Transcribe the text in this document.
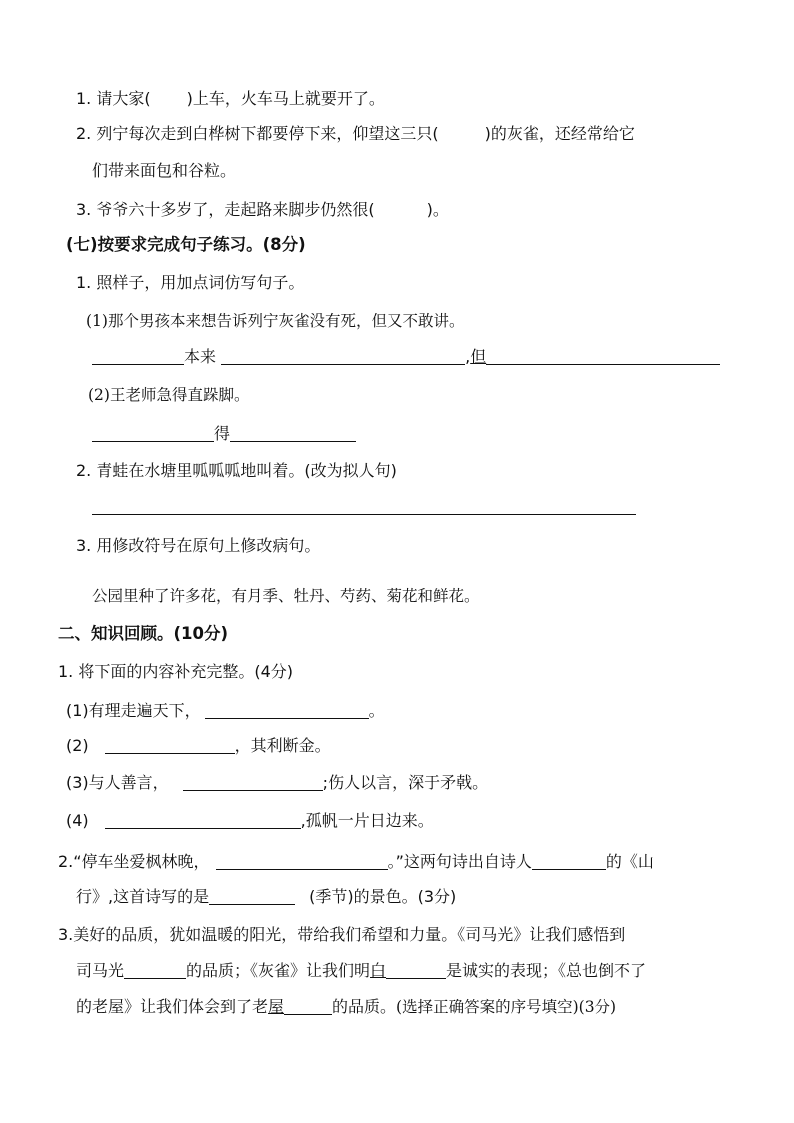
1. 请大家( )上车，火车马上就要开了。
2. 列宁每次走到白桦树下都要停下来，仰望这三只(	)的灰雀，还经常给它
们带来面包和谷粒。
3. 爷爷六十多岁了，走起路来脚步仍然很(	)。
(七)按要求完成句子练习。(8分)
1. 照样子，用加点词仿写句子。
(1)那个男孩本来想告诉列宁灰雀没有死，但又不敢讲。
本来	,但
(2)王老师急得直跺脚。
得
2. 青蛙在水塘里呱呱呱地叫着。(改为拟人句)
3. 用修改符号在原句上修改病句。
公园里种了许多花，有月季、牡丹、芍药、菊花和鲜花。
二、知识回顾。(10分)
1. 将下面的内容补充完整。(4分)
(1)有理走遍天下，	。
(2)	，其利断金。
(3)与人善言，	;伤人以言，深于矛戟。
(4)	,孤帆一片日边来。
2.“停车坐爱枫林晚，	。”这两句诗出自诗人	的《山
行》,这首诗写的是	(季节)的景色。(3分)
3.美好的品质，犹如温暖的阳光，带给我们希望和力量。《司马光》让我们感悟到
司马光	的品质；《灰雀》让我们明白	是诚实的表现；《总也倒不了
的老屋》让我们体会到了老屋	的品质。(选择正确答案的序号填空)(3分)
